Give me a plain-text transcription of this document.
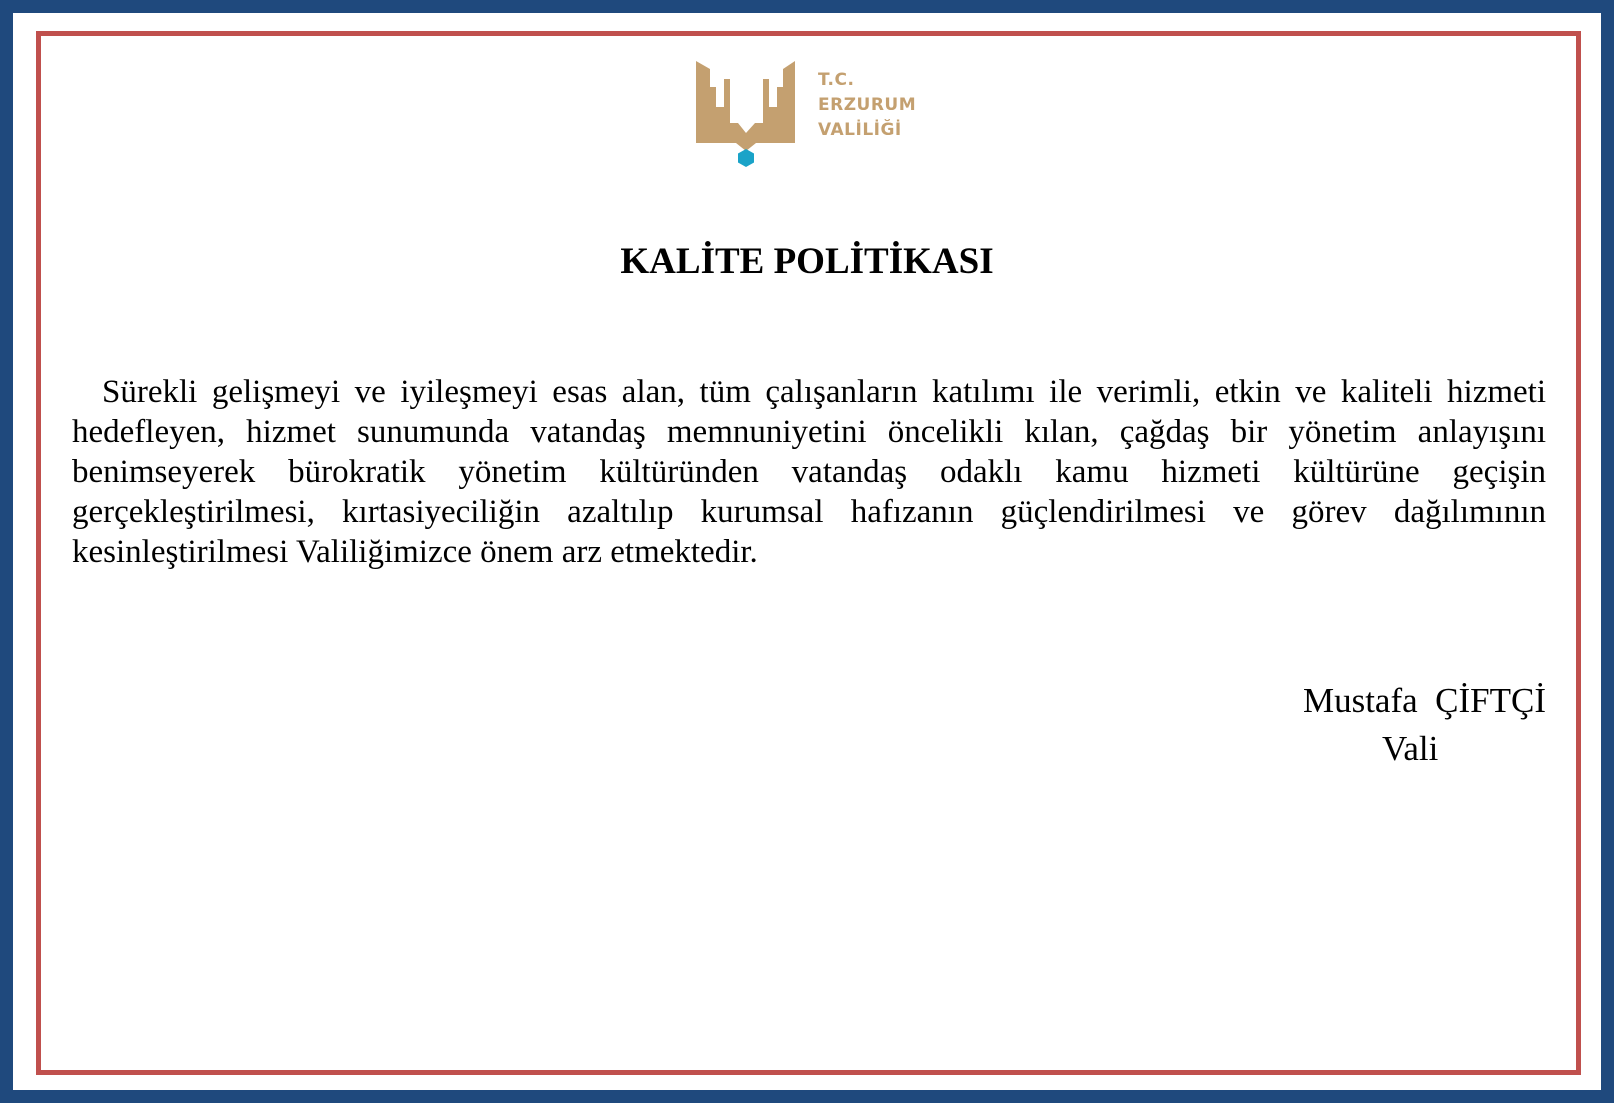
T.C.
ERZURUM
VALİLİĞİ
KALİTE POLİTİKASI

Sürekli gelişmeyi ve iyileşmeyi esas alan, tüm çalışanların katılımı ile verimli, etkin ve kaliteli hizmeti hedefleyen, hizmet sunumunda vatandaş memnuniyetini öncelikli kılan, çağdaş bir yönetim anlayışını benimseyerek bürokratik yönetim kültüründen vatandaş odaklı kamu hizmeti kültürüne geçişin gerçekleştirilmesi, kırtasiyeciliğin azaltılıp kurumsal hafızanın güçlendirilmesi ve görev dağılımının kesinleştirilmesi Valiliğimizce önem arz etmektedir.

Mustafa  ÇİFTÇİ
Vali
